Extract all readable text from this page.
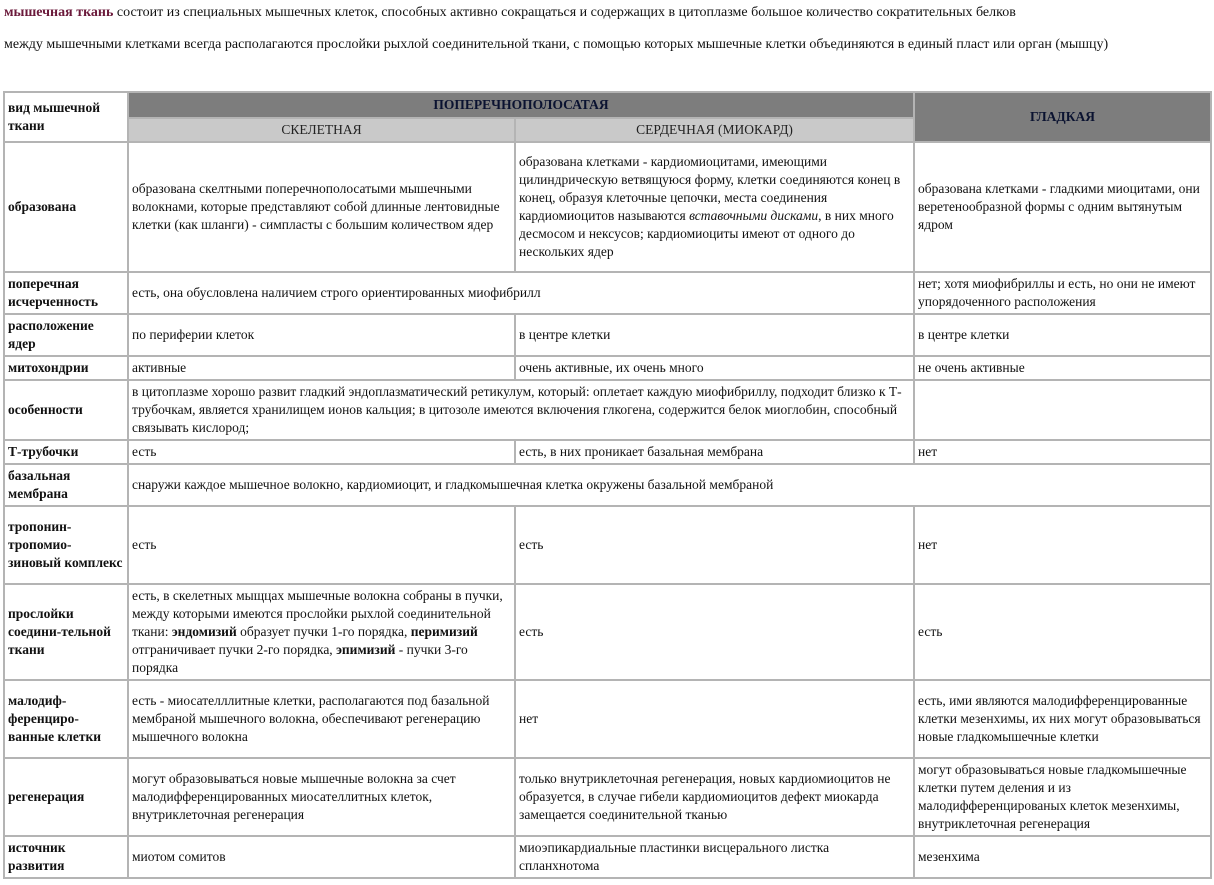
мышечная ткань состоит из специальных мышечных клеток, способных активно сокращаться и содержащих в цитоплазме большое количество сократительных белков

между мышечными клетками всегда располагаются прослойки рыхлой соединительной ткани, с помощью которых мышечные клетки объединяются в единый пласт или орган (мышцу)

вид мышечной ткани	ПОПЕРЕЧНОПОЛОСАТАЯ		ГЛАДКАЯ
	СКЕЛЕТНАЯ	СЕРДЕЧНАЯ (МИОКАРД)	
образована	образована скелтными поперечнополосатыми мышечными волокнами, которые представляют собой длинные лентовидные клетки (как шланги) - симпласты с большим количеством ядер	образована клетками - кардиомиоцитами, имеющими цилиндрическую ветвящуюся форму, клетки соединяются конец в конец, образуя клеточные цепочки, места соединения кардиомиоцитов называются вставочными дисками, в них много десмосом и нексусов; кардиомиоциты имеют от одного до нескольких ядер	образована клетками - гладкими миоцитами, они веретенообразной формы с одним вытянутым ядром
поперечная исчерченность	есть, она обусловлена наличием строго ориентированных миофибрилл		нет; хотя миофибриллы и есть, но они не имеют упорядоченного расположения
расположение ядер	по периферии клеток	в центре клетки	в центре клетки
митохондрии	активные	очень активные, их очень много	не очень активные
особенности	в цитоплазме хорошо развит гладкий эндоплазматический ретикулум, который: оплетает каждую миофибриллу, подходит близко к Т-трубочкам, является хранилищем ионов кальция; в цитозоле имеются включения глкогена, содержится белок миоглобин, способный связывать кислород;		
Т-трубочки	есть	есть, в них проникает базальная мембрана	нет
базальная мембрана	снаружи каждое мышечное волокно, кардиомиоцит, и гладкомышечная клетка окружены базальной мембраной		
тропонин-тропомио-зиновый комплекс	есть	есть	нет
прослойки соедини-тельной ткани	есть, в скелетных мыщцах мышечные волокна собраны в пучки, между которыми имеются прослойки рыхлой соединительной ткани: эндомизий образует пучки 1-го порядка, перимизий отграничивает пучки 2-го порядка, эпимизий - пучки 3-го порядка	есть	есть
малодиф-ференциро-ванные клетки	есть - миосателллитные клетки, располагаются под базальной мембраной мышечного волокна, обеспечивают регенерацию мышечного волокна	нет	есть, ими являются малодифференцированные клетки мезенхимы, их них могут образовываться новые гладкомышечные клетки
регенерация	могут образовываться новые мышечные волокна за счет малодифференцированных миосателлитных клеток, внутриклеточная регенерация	только внутриклеточная регенерация, новых кардиомиоцитов не образуется, в случае гибели кардиомиоцитов дефект миокарда замещается соединительной тканью	могут образовываться новые гладкомышечные клетки путем деления и из малодифференцированых клеток мезенхимы, внутриклеточная регенерация
источник развития	миотом сомитов	миоэпикардиальные пластинки висцерального листка спланхнотома	мезенхима
